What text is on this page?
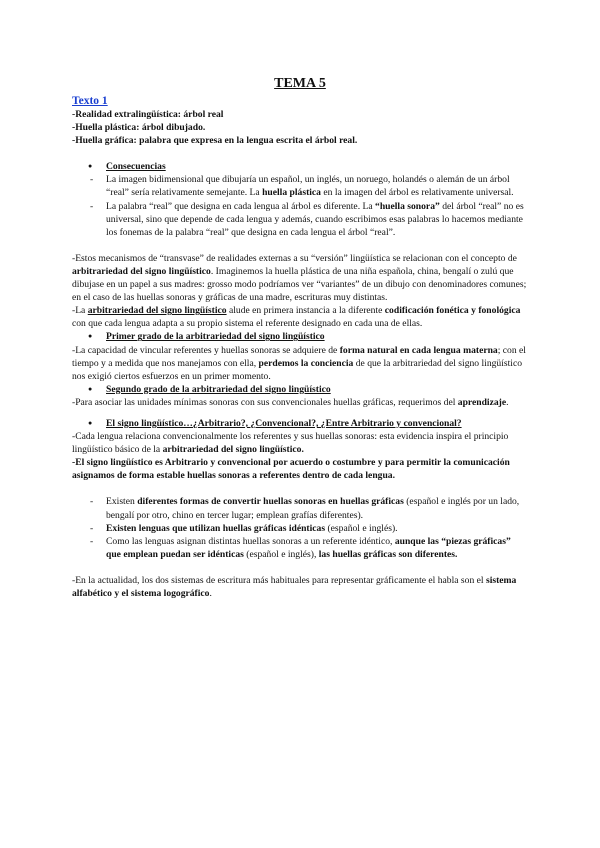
TEMA 5
Texto 1

-Realidad extralingüística: árbol real

-Huella plástica: árbol dibujado.

-Huella gráfica: palabra que expresa en la lengua escrita el árbol real.

● Consecuencias

- La imagen bidimensional que dibujaría un español, un inglés, un noruego, holandés o alemán de un árbol “real” sería relativamente semejante. La huella plástica en la imagen del árbol es relativamente universal.

- La palabra “real” que designa en cada lengua al árbol es diferente. La “huella sonora” del árbol “real” no es universal, sino que depende de cada lengua y además, cuando escribimos esas palabras lo hacemos mediante los fonemas de la palabra “real” que designa en cada lengua el árbol “real”.

-Estos mecanismos de “transvase” de realidades externas a su “versión” lingüística se relacionan con el concepto de arbitrariedad del signo lingüístico. Imaginemos la huella plástica de una niña española, china, bengalí o zulú que dibujase en un papel a sus madres: grosso modo podríamos ver “variantes” de un dibujo con denominadores comunes; en el caso de las huellas sonoras y gráficas de una madre, escrituras muy distintas.

-La arbitrariedad del signo lingüístico alude en primera instancia a la diferente codificación fonética y fonológica con que cada lengua adapta a su propio sistema el referente designado en cada una de ellas.

● Primer grado de la arbitrariedad del signo lingüístico

-La capacidad de vincular referentes y huellas sonoras se adquiere de forma natural en cada lengua materna; con el tiempo y a medida que nos manejamos con ella, perdemos la conciencia de que la arbitrariedad del signo lingüístico nos exigió ciertos esfuerzos en un primer momento.

● Segundo grado de la arbitrariedad del signo lingüístico

-Para asociar las unidades mínimas sonoras con sus convencionales huellas gráficas, requerimos del aprendizaje.

● El signo lingüístico…¿Arbitrario?, ¿Convencional?, ¿Entre Arbitrario y convencional?

-Cada lengua relaciona convencionalmente los referentes y sus huellas sonoras: esta evidencia inspira el principio lingüístico básico de la arbitrariedad del signo lingüístico.

-El signo lingüístico es Arbitrario y convencional por acuerdo o costumbre y para permitir la comunicación asignamos de forma estable huellas sonoras a referentes dentro de cada lengua.

- Existen diferentes formas de convertir huellas sonoras en huellas gráficas (español e inglés por un lado, bengalí por otro, chino en tercer lugar; emplean grafías diferentes).

- Existen lenguas que utilizan huellas gráficas idénticas (español e inglés).

- Como las lenguas asignan distintas huellas sonoras a un referente idéntico, aunque las “piezas gráficas” que emplean puedan ser idénticas (español e inglés), las huellas gráficas son diferentes.

-En la actualidad, los dos sistemas de escritura más habituales para representar gráficamente el habla son el sistema alfabético y el sistema logográfico.
